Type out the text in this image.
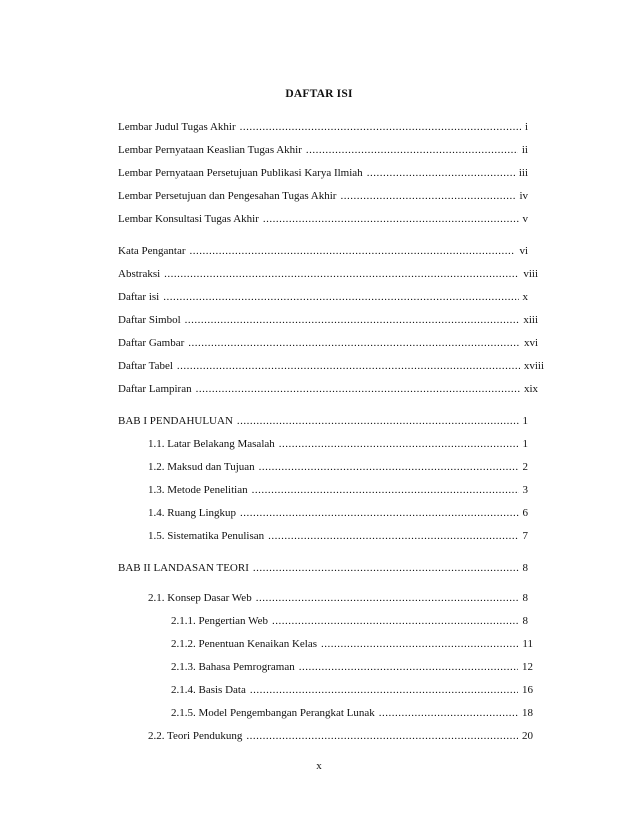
DAFTAR ISI
Lembar Judul Tugas Akhir .....	i
Lembar Pernyataan Keaslian Tugas Akhir .....	ii
Lembar Pernyataan Persetujuan Publikasi Karya Ilmiah .....	iii
Lembar Persetujuan dan Pengesahan Tugas Akhir .....	iv
Lembar Konsultasi Tugas Akhir .....	v
Kata Pengantar .....	vi
Abstraksi .....	viii
Daftar isi .....	x
Daftar Simbol .....	xiii
Daftar Gambar .....	xvi
Daftar Tabel .....	xviii
Daftar Lampiran .....	xix
BAB I PENDAHULUAN .....	1
1.1. Latar Belakang Masalah .....	1
1.2. Maksud dan Tujuan .....	2
1.3. Metode Penelitian .....	3
1.4. Ruang Lingkup .....	6
1.5. Sistematika Penulisan .....	7
BAB II LANDASAN TEORI .....	8
2.1. Konsep Dasar Web .....	8
2.1.1. Pengertian Web .....	8
2.1.2. Penentuan Kenaikan Kelas .....	11
2.1.3. Bahasa Pemrograman .....	12
2.1.4. Basis Data .....	16
2.1.5. Model Pengembangan Perangkat Lunak .....	18
2.2. Teori Pendukung .....	20
x
